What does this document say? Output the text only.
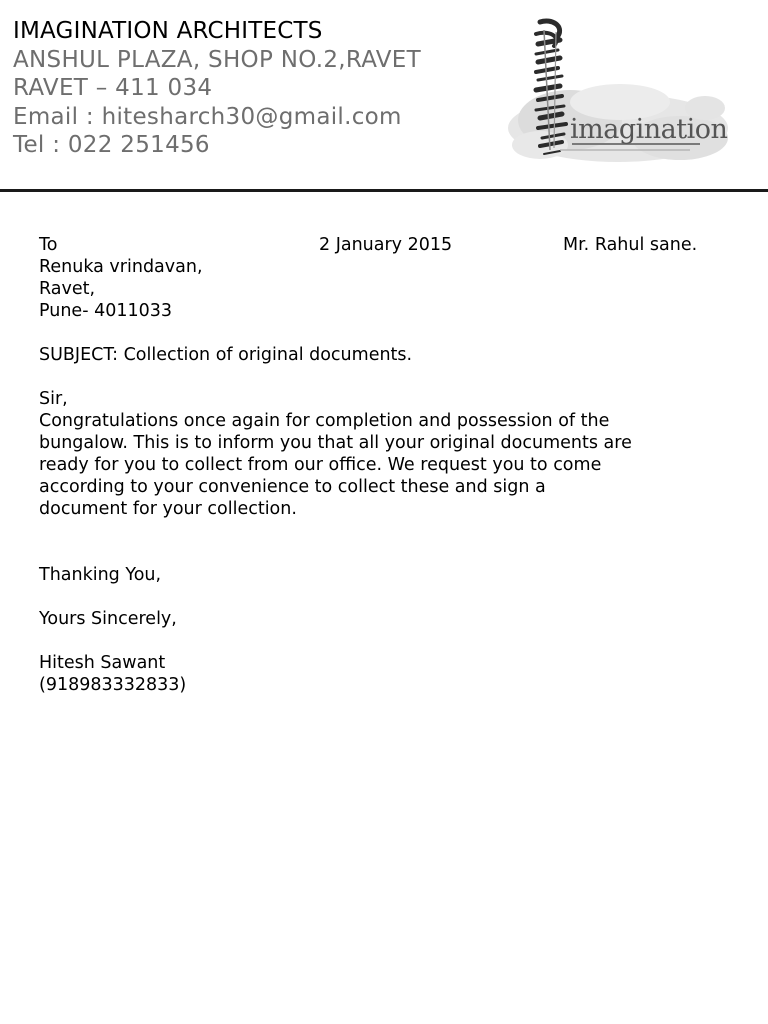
IMAGINATION ARCHITECTS
ANSHUL PLAZA, SHOP NO.2,RAVET
RAVET – 411 034
Email : hitesharch30@gmail.com
Tel : 022 251456	imagination
To	2 January 2015	Mr. Rahul sane.
Renuka vrindavan,
Ravet,
Pune- 4011033
SUBJECT: Collection of original documents.
Sir,
Congratulations once again for completion and possession of the
bungalow. This is to inform you that all your original documents are
ready for you to collect from our office. We request you to come
according to your convenience to collect these and sign a
document for your collection.
Thanking You,
Yours Sincerely,
Hitesh Sawant
(918983332833)
